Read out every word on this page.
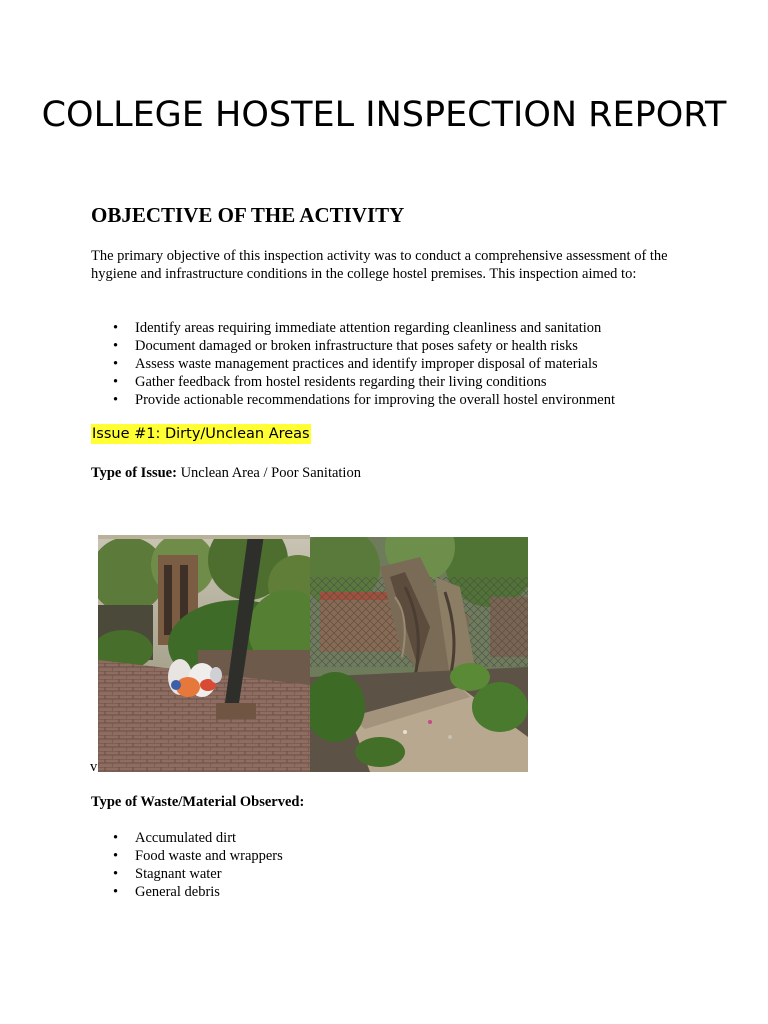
COLLEGE HOSTEL INSPECTION REPORT
OBJECTIVE OF THE ACTIVITY

The primary objective of this inspection activity was to conduct a comprehensive assessment of the hygiene and infrastructure conditions in the college hostel premises. This inspection aimed to:

• Identify areas requiring immediate attention regarding cleanliness and sanitation
• Document damaged or broken infrastructure that poses safety or health risks
• Assess waste management practices and identify improper disposal of materials
• Gather feedback from hostel residents regarding their living conditions
• Provide actionable recommendations for improving the overall hostel environment
Issue #1: Dirty/Unclean Areas

Type of Issue: Unclean Area / Poor Sanitation

v

Type of Waste/Material Observed:

• Accumulated dirt
• Food waste and wrappers
• Stagnant water
• General debris
